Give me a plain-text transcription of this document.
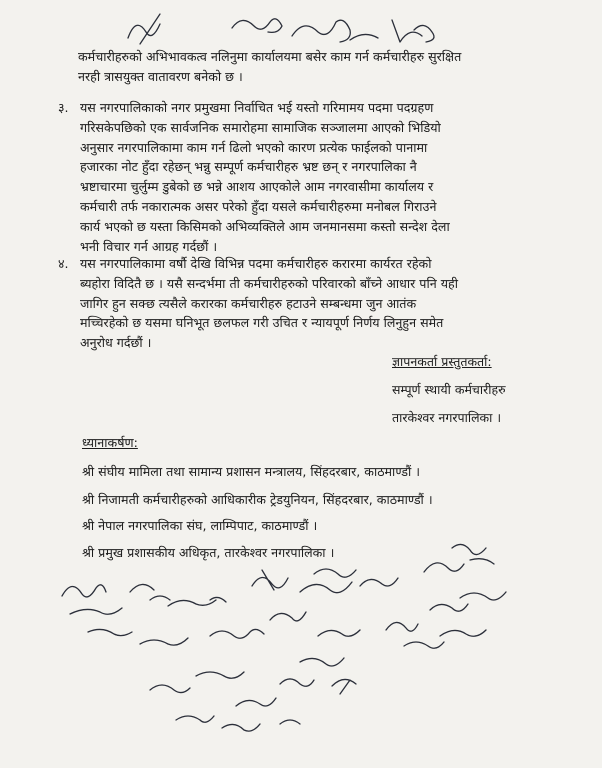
कर्मचारीहरुको अभिभावकत्व नलिनुमा कार्यालयमा बसेर काम गर्न कर्मचारीहरु सुरक्षित
नरही त्रासयुक्त वातावरण बनेको छ ।

३. यस नगरपालिकाको नगर प्रमुखमा निर्वाचित भई यस्तो गरिमामय पदमा पदग्रहण
गरिसकेपछिको एक सार्वजनिक समारोहमा सामाजिक सञ्जालमा आएको भिडियो
अनुसार नगरपालिकामा काम गर्न ढिलो भएको कारण प्रत्येक फाईलको पानामा
हजारका नोट हुँदा रहेछन् भन्नु सम्पूर्ण कर्मचारीहरु भ्रष्ट छन् र नगरपालिका नै
भ्रष्टाचारमा चुर्लुम्म डुबेको छ भन्ने आशय आएकोले आम नगरवासीमा कार्यालय र
कर्मचारी तर्फ नकारात्मक असर परेको हुँदा यसले कर्मचारीहरुमा मनोबल गिराउने
कार्य भएको छ यस्ता किसिमको अभिव्यक्तिले आम जनमानसमा कस्तो सन्देश देला
भनी विचार गर्न आग्रह गर्दछौं ।
४. यस नगरपालिकामा वर्षौ देखि विभिन्न पदमा कर्मचारीहरु करारमा कार्यरत रहेको
ब्यहोरा विदितै छ । यसै सन्दर्भमा ती कर्मचारीहरुको परिवारको बाँच्ने आधार पनि यही
जागिर हुन सक्छ त्यसैले करारका कर्मचारीहरु हटाउने सम्बन्धमा जुन आतंक
मच्चिरहेको छ यसमा घनिभूत छलफल गरी उचित र न्यायपूर्ण निर्णय लिनुहुन समेत
अनुरोध गर्दछौं ।
ज्ञापनकर्ता प्रस्तुतकर्ता:
सम्पूर्ण स्थायी कर्मचारीहरु
तारकेश्वर नगरपालिका ।
ध्यानाकर्षण:
श्री संघीय मामिला तथा सामान्य प्रशासन मन्त्रालय, सिंहदरबार, काठमाण्डौं ।
श्री निजामती कर्मचारीहरुको आधिकारीक ट्रेडयुनियन, सिंहदरबार, काठमाण्डौं ।
श्री नेपाल नगरपालिका संघ, लाम्पिपाट, काठमाण्डौं ।
श्री प्रमुख प्रशासकीय अधिकृत, तारकेश्वर नगरपालिका ।
